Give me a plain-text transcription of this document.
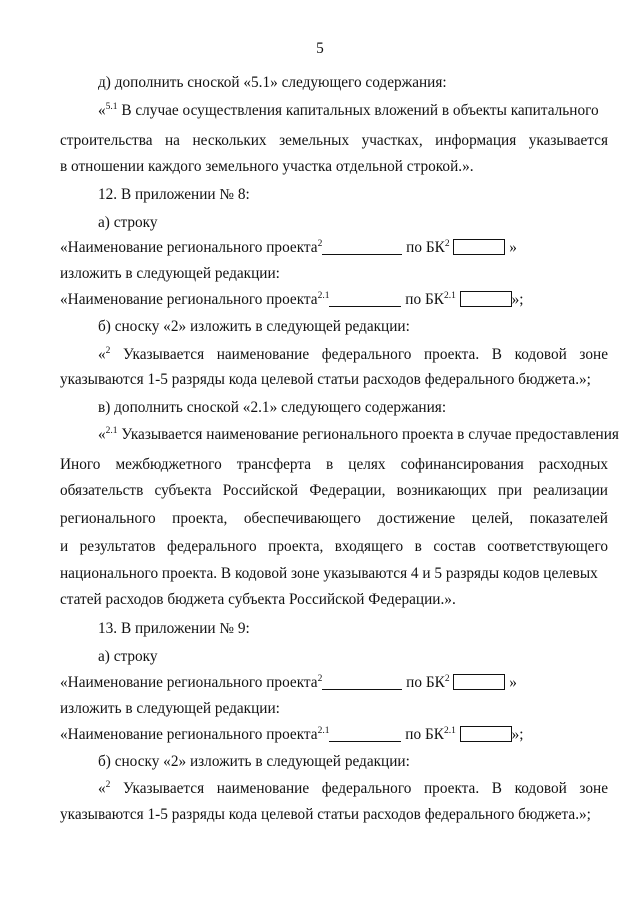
5

д) дополнить сноской «5.1» следующего содержания:

«$^{5.1}$ В случае осуществления капитальных вложений в объекты капитального

строительства на нескольких земельных участках, информация указывается

в отношении каждого земельного участка отдельной строкой.».

12. В приложении № 8:

а) строку

«Наименование регионального проекта$^2$	по $БК^2$	»

изложить в следующей редакции:

«Наименование регионального проекта$^{2.1}$	по $БК^{2.1}$	»;

б) сноску «2» изложить в следующей редакции:

«$^2$ Указывается наименование федерального проекта. В кодовой зоне

указываются 1-5 разряды кода целевой статьи расходов федерального бюджета.»;

в) дополнить сноской «2.1» следующего содержания:

«$^{2.1}$ Указывается наименование регионального проекта в случае предоставления

Иного межбюджетного трансферта в целях софинансирования расходных

обязательств субъекта Российской Федерации, возникающих при реализации

регионального проекта, обеспечивающего достижение целей, показателей

и результатов федерального проекта, входящего в состав соответствующего

национального проекта. В кодовой зоне указываются 4 и 5 разряды кодов целевых

статей расходов бюджета субъекта Российской Федерации.».

13. В приложении № 9:

а) строку

«Наименование регионального проекта$^2$	по $БК^2$	»

изложить в следующей редакции:

«Наименование регионального проекта$^{2.1}$	по $БК^{2.1}$	»;

б) сноску «2» изложить в следующей редакции:

«$^2$ Указывается наименование федерального проекта. В кодовой зоне

указываются 1-5 разряды кода целевой статьи расходов федерального бюджета.»;
